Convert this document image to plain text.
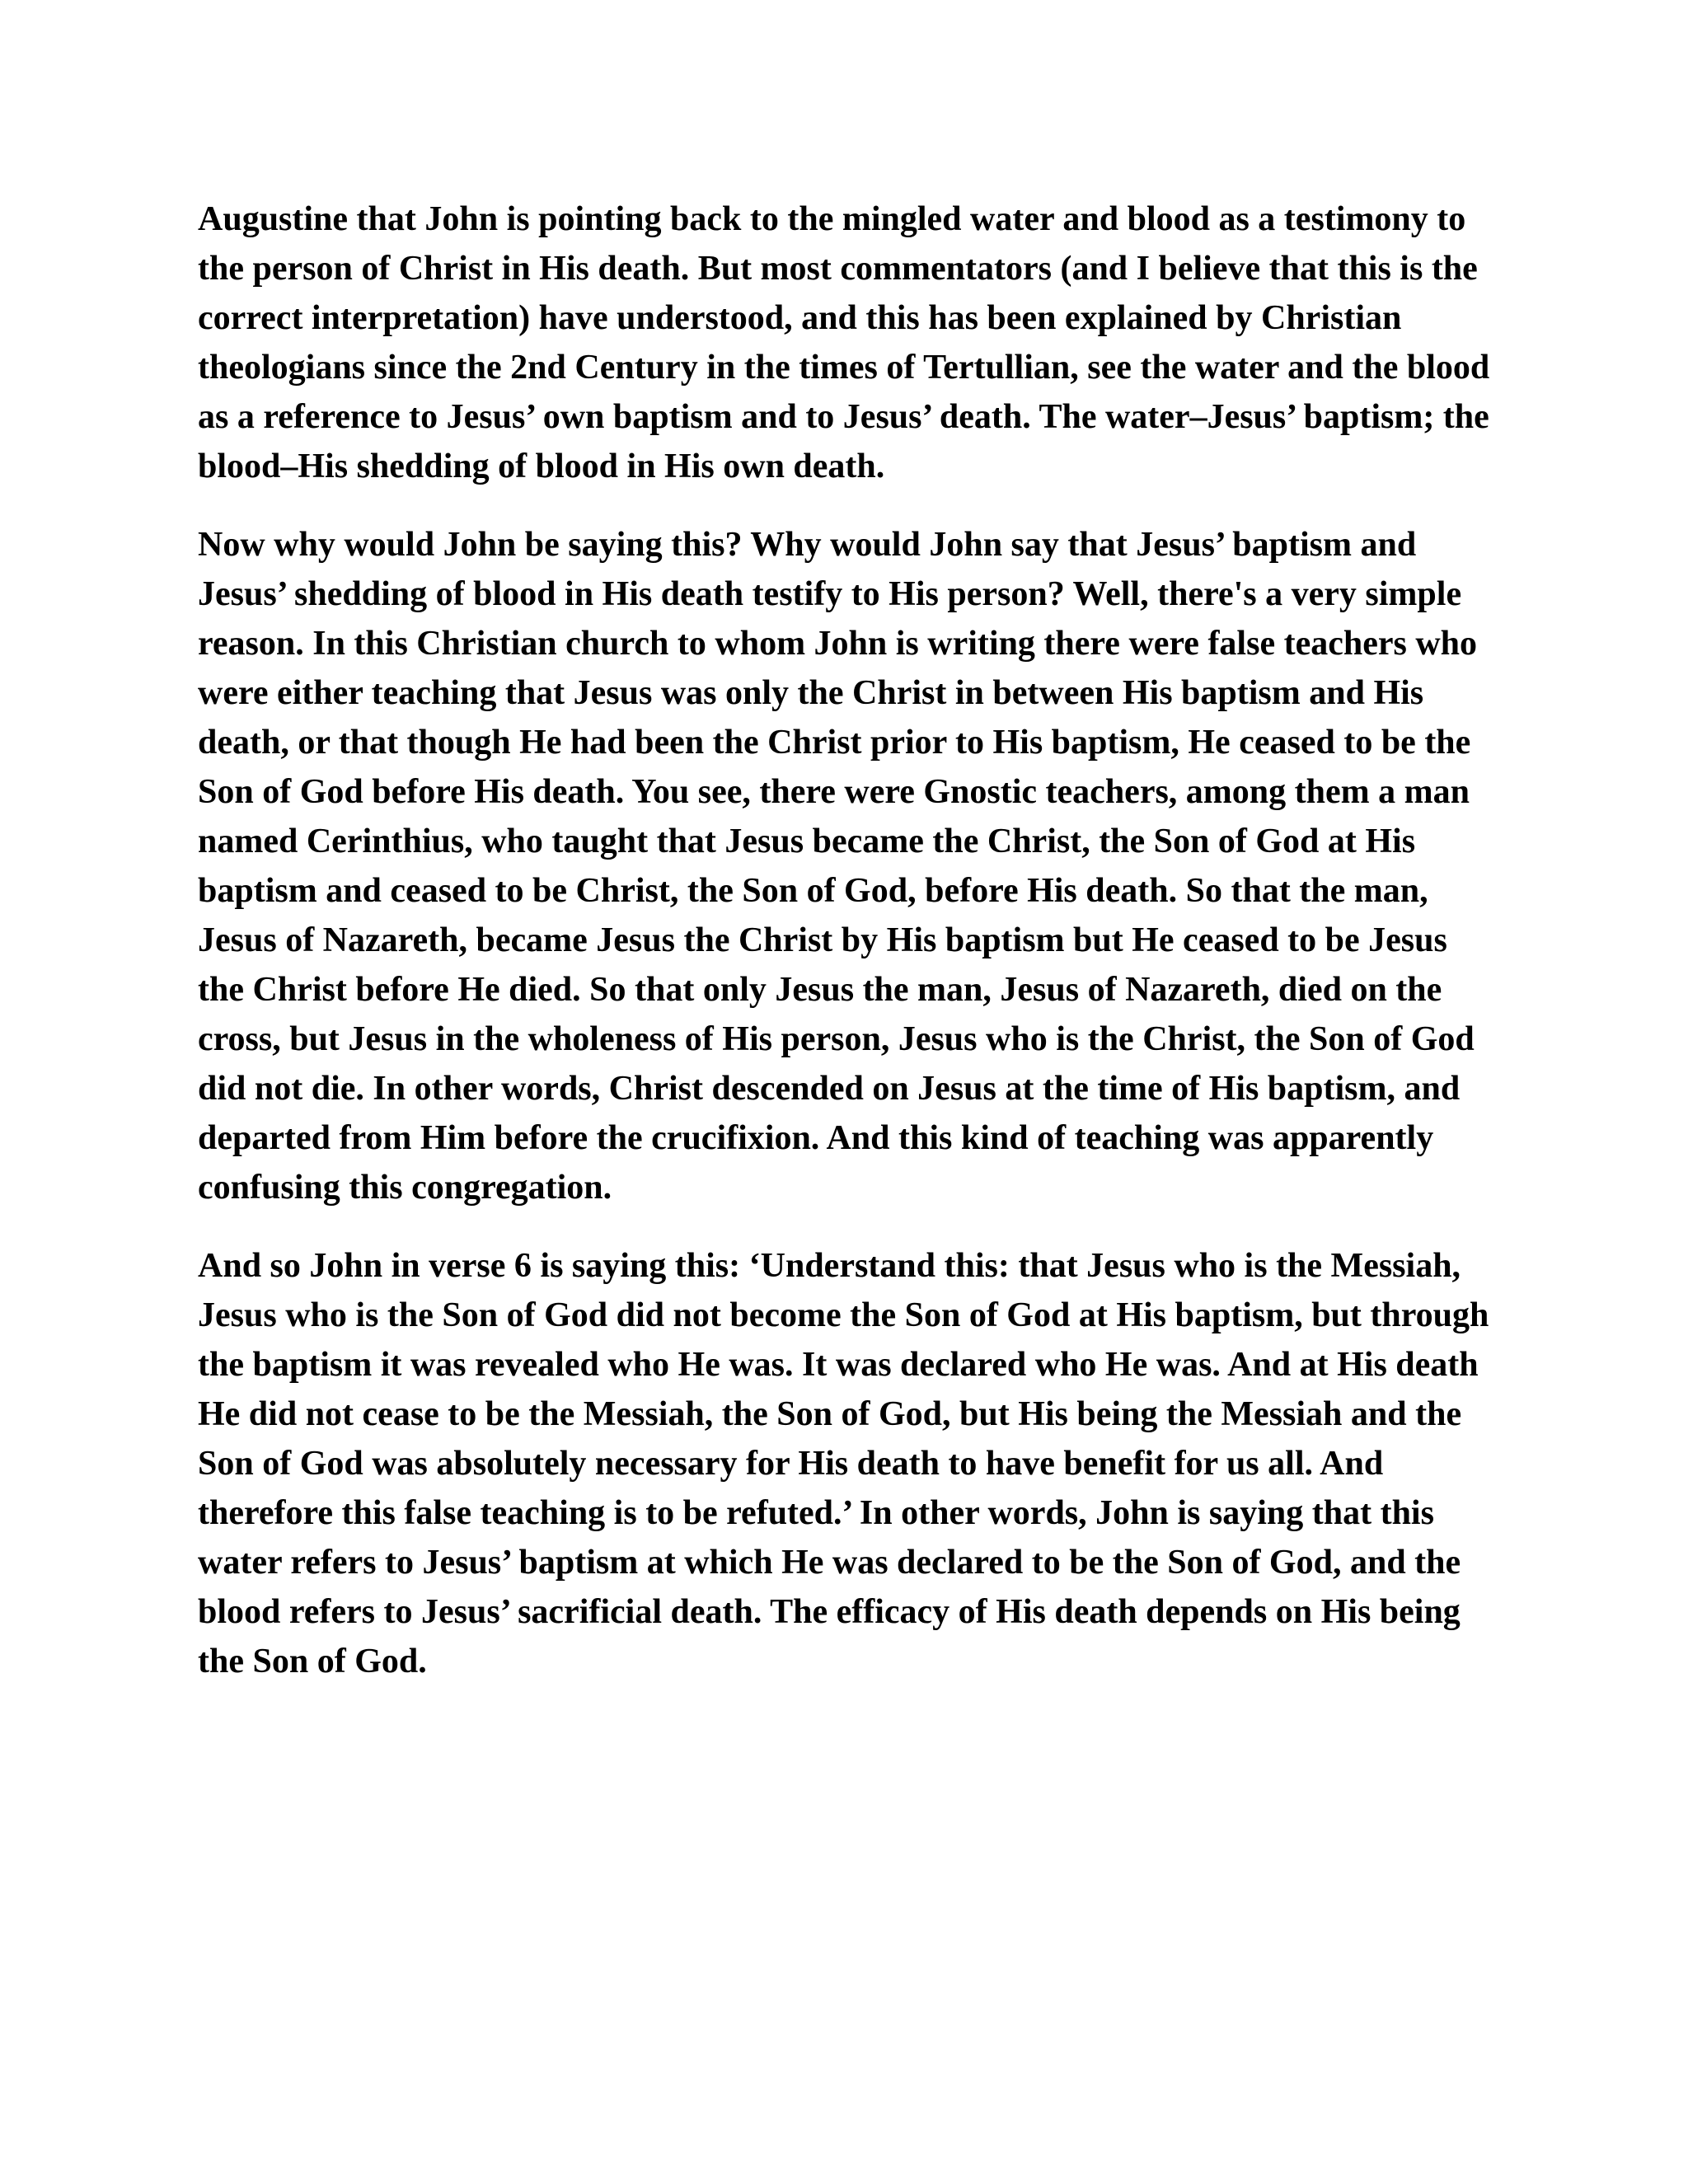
Augustine that John is pointing back to the mingled water and blood as a testimony to the person of Christ in His death. But most commentators (and I believe that this is the correct interpretation) have understood, and this has been explained by Christian theologians since the 2nd Century in the times of Tertullian, see the water and the blood as a reference to Jesus’ own baptism and to Jesus’ death. The water–Jesus’ baptism; the blood–His shedding of blood in His own death.

Now why would John be saying this? Why would John say that Jesus’ baptism and Jesus’ shedding of blood in His death testify to His person? Well, there's a very simple reason. In this Christian church to whom John is writing there were false teachers who were either teaching that Jesus was only the Christ in between His baptism and His death, or that though He had been the Christ prior to His baptism, He ceased to be the Son of God before His death. You see, there were Gnostic teachers, among them a man named Cerinthius, who taught that Jesus became the Christ, the Son of God at His baptism and ceased to be Christ, the Son of God, before His death. So that the man, Jesus of Nazareth, became Jesus the Christ by His baptism but He ceased to be Jesus the Christ before He died. So that only Jesus the man, Jesus of Nazareth, died on the cross, but Jesus in the wholeness of His person, Jesus who is the Christ, the Son of God did not die. In other words, Christ descended on Jesus at the time of His baptism, and departed from Him before the crucifixion. And this kind of teaching was apparently confusing this congregation.

And so John in verse 6 is saying this: ‘Understand this: that Jesus who is the Messiah, Jesus who is the Son of God did not become the Son of God at His baptism, but through the baptism it was revealed who He was. It was declared who He was. And at His death He did not cease to be the Messiah, the Son of God, but His being the Messiah and the Son of God was absolutely necessary for His death to have benefit for us all. And therefore this false teaching is to be refuted.’ In other words, John is saying that this water refers to Jesus’ baptism at which He was declared to be the Son of God, and the blood refers to Jesus’ sacrificial death. The efficacy of His death depends on His being the Son of God.
